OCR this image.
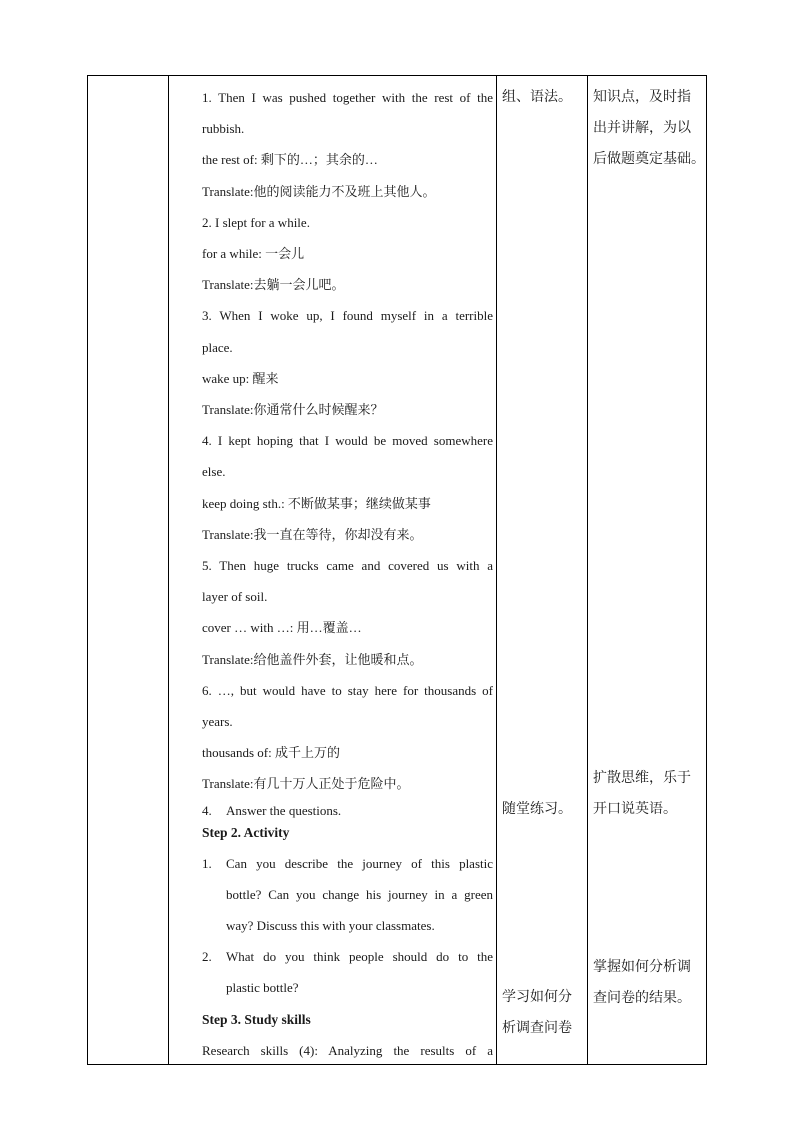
1. Then I was pushed together with the rest of the
rubbish.
the rest of: 剩下的…；其余的…
Translate:他的阅读能力不及班上其他人。
2. I slept for a while.
for a while: 一会儿
Translate:去躺一会儿吧。
3. When I woke up, I found myself in a terrible
place.
wake up: 醒来
Translate:你通常什么时候醒来？
4. I kept hoping that I would be moved somewhere
else.
keep doing sth.: 不断做某事；继续做某事
Translate:我一直在等待，你却没有来。
5. Then huge trucks came and covered us with a
layer of soil.
cover … with …: 用…覆盖…
Translate:给他盖件外套，让他暖和点。
6. …, but would have to stay here for thousands of
years.
thousands of: 成千上万的
Translate:有几十万人正处于危险中。
4. Answer the questions.
Step 2. Activity
1.	Can you describe the journey of this plastic
bottle? Can you change his journey in a green
way? Discuss this with your classmates.
2.	What do you think people should do to the
plastic bottle?
Step 3. Study skills
Research skills (4): Analyzing the results of a
组、语法。
随堂练习。
学习如何分
析调查问卷
知识点，及时指
出并讲解，为以
后做题奠定基础。
扩散思维，乐于
开口说英语。
掌握如何分析调
查问卷的结果。
